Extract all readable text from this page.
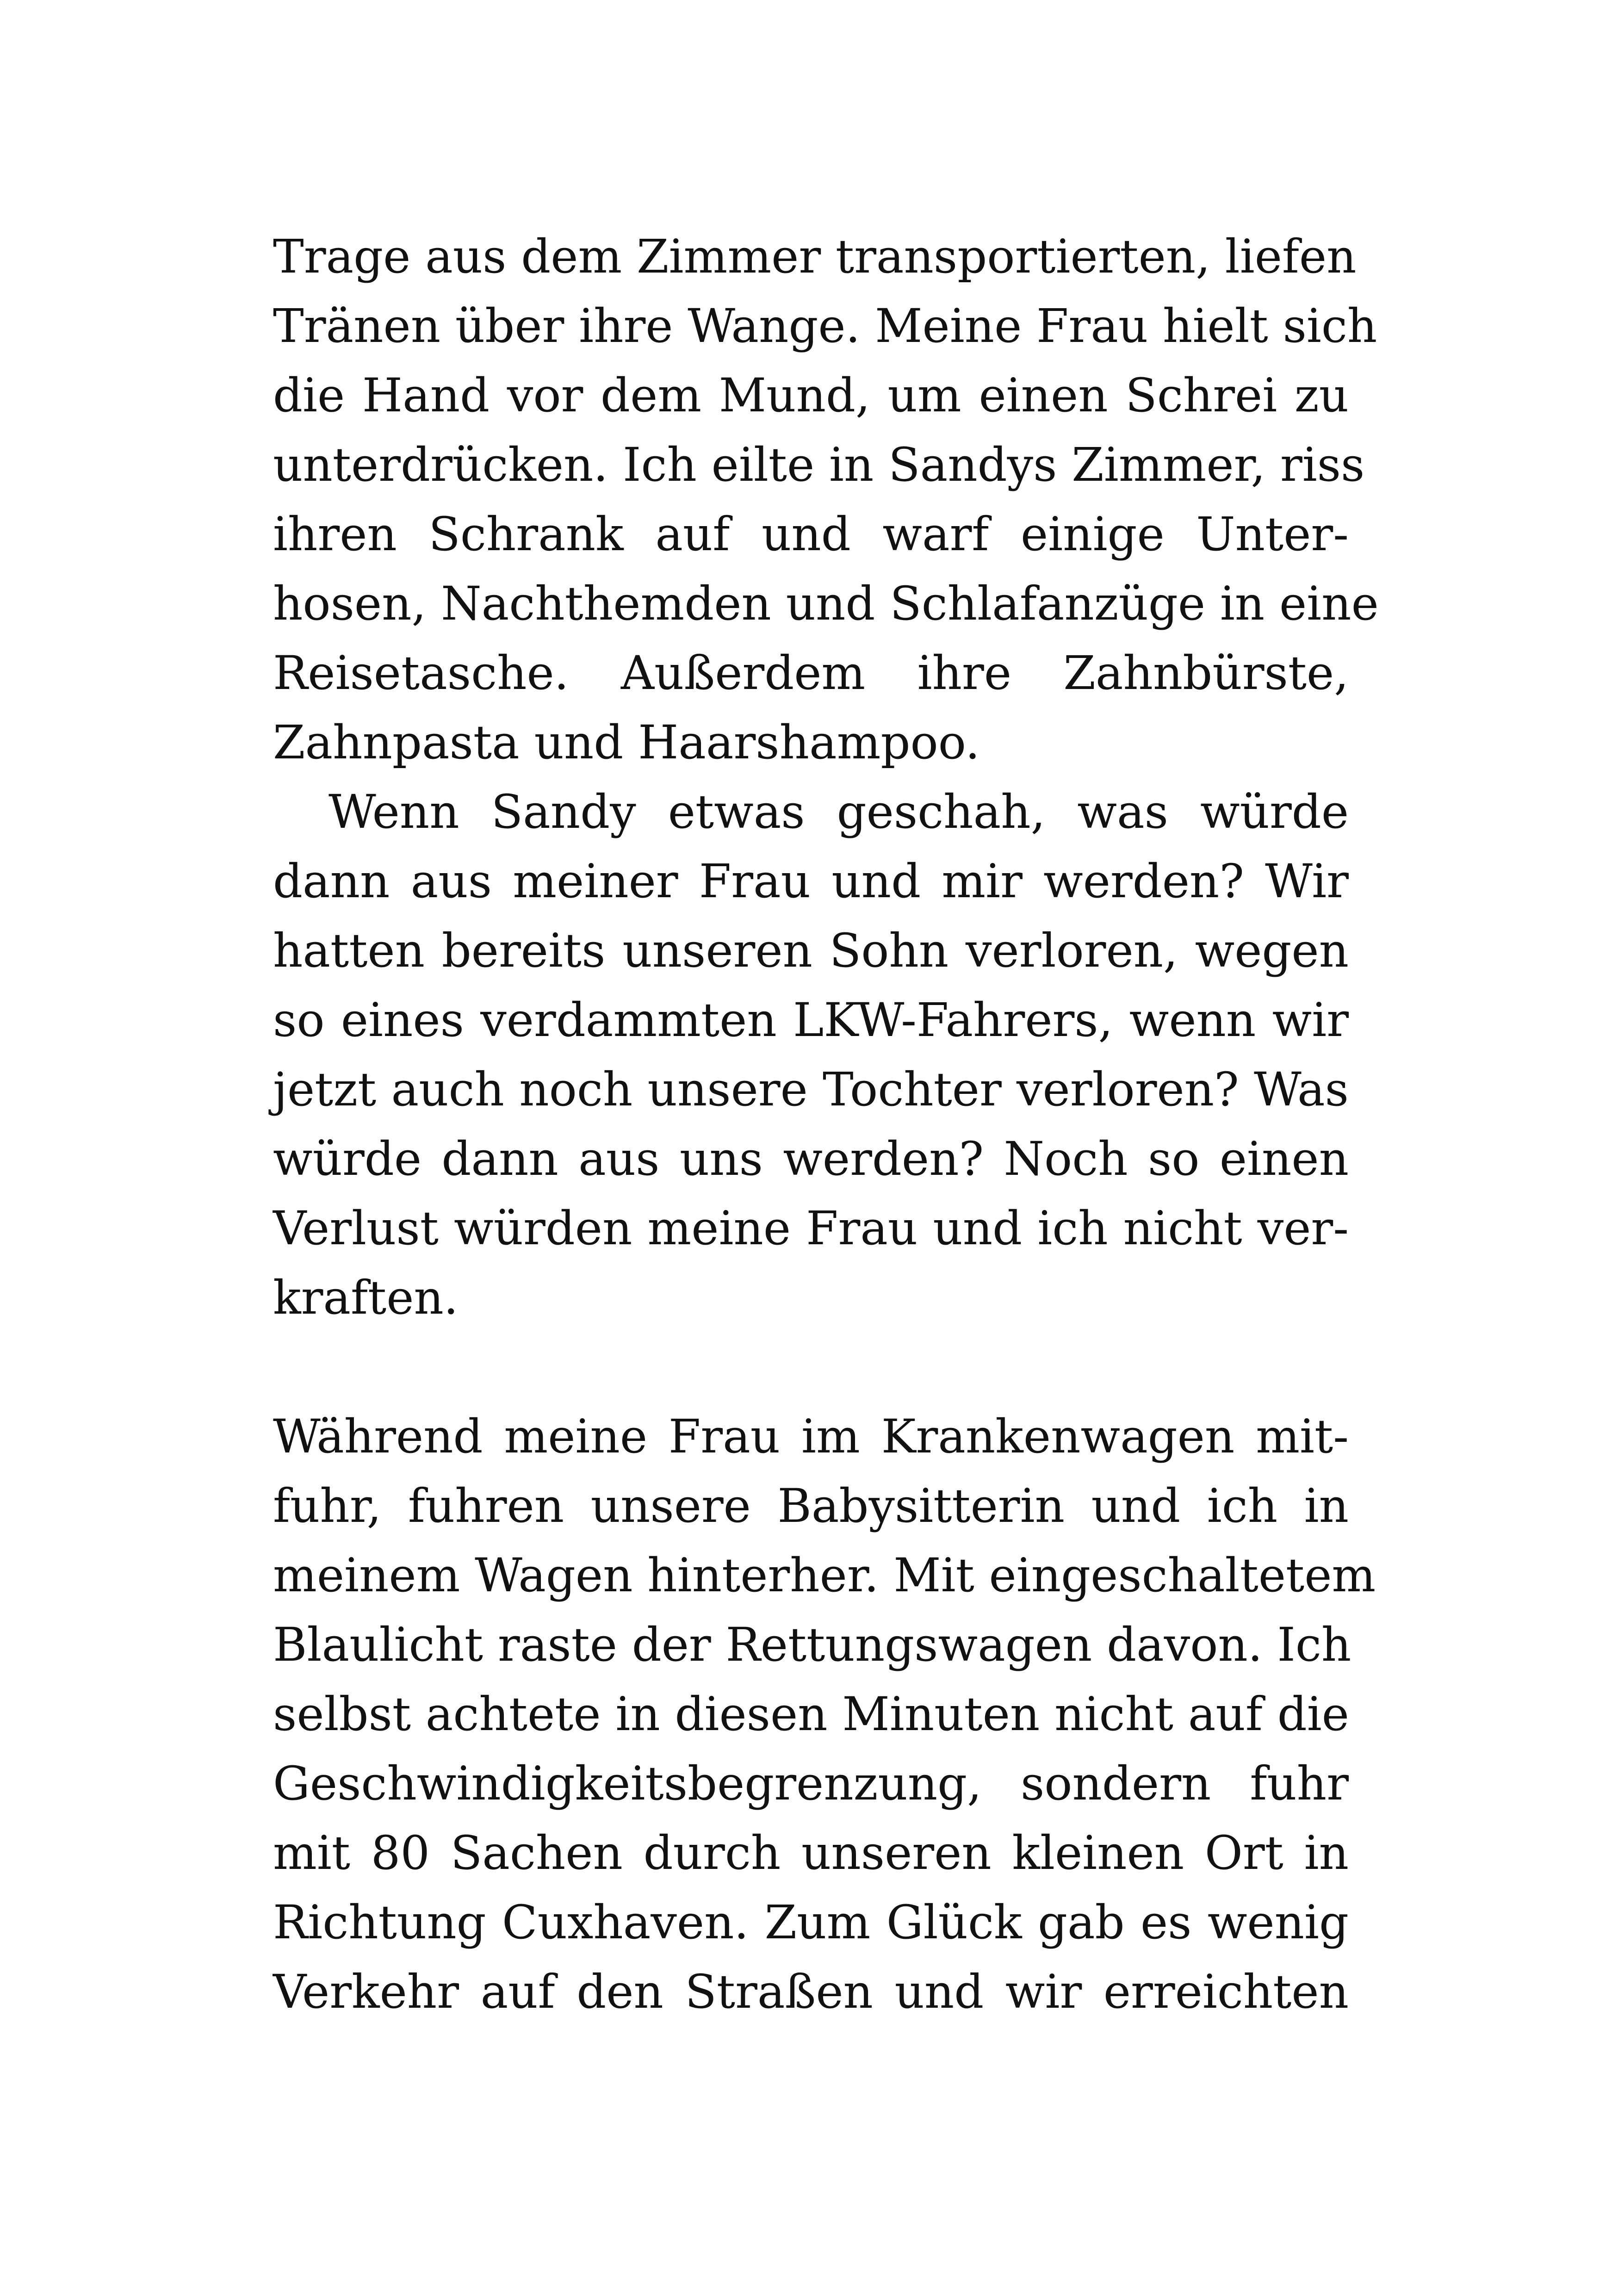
Trage aus dem Zimmer transportierten, liefen
Tränen über ihre Wange. Meine Frau hielt sich
die Hand vor dem Mund, um einen Schrei zu
unterdrücken. Ich eilte in Sandys Zimmer, riss
ihren Schrank auf und warf einige Unter-
hosen, Nachthemden und Schlafanzüge in eine
Reisetasche. Außerdem ihre Zahnbürste,
Zahnpasta und Haarshampoo.
Wenn Sandy etwas geschah, was würde
dann aus meiner Frau und mir werden? Wir
hatten bereits unseren Sohn verloren, wegen
so eines verdammten LKW-Fahrers, wenn wir
jetzt auch noch unsere Tochter verloren? Was
würde dann aus uns werden? Noch so einen
Verlust würden meine Frau und ich nicht ver-
kraften.
Während meine Frau im Krankenwagen mit-
fuhr, fuhren unsere Babysitterin und ich in
meinem Wagen hinterher. Mit eingeschaltetem
Blaulicht raste der Rettungswagen davon. Ich
selbst achtete in diesen Minuten nicht auf die
Geschwindigkeitsbegrenzung, sondern fuhr
mit 80 Sachen durch unseren kleinen Ort in
Richtung Cuxhaven. Zum Glück gab es wenig
Verkehr auf den Straßen und wir erreichten
